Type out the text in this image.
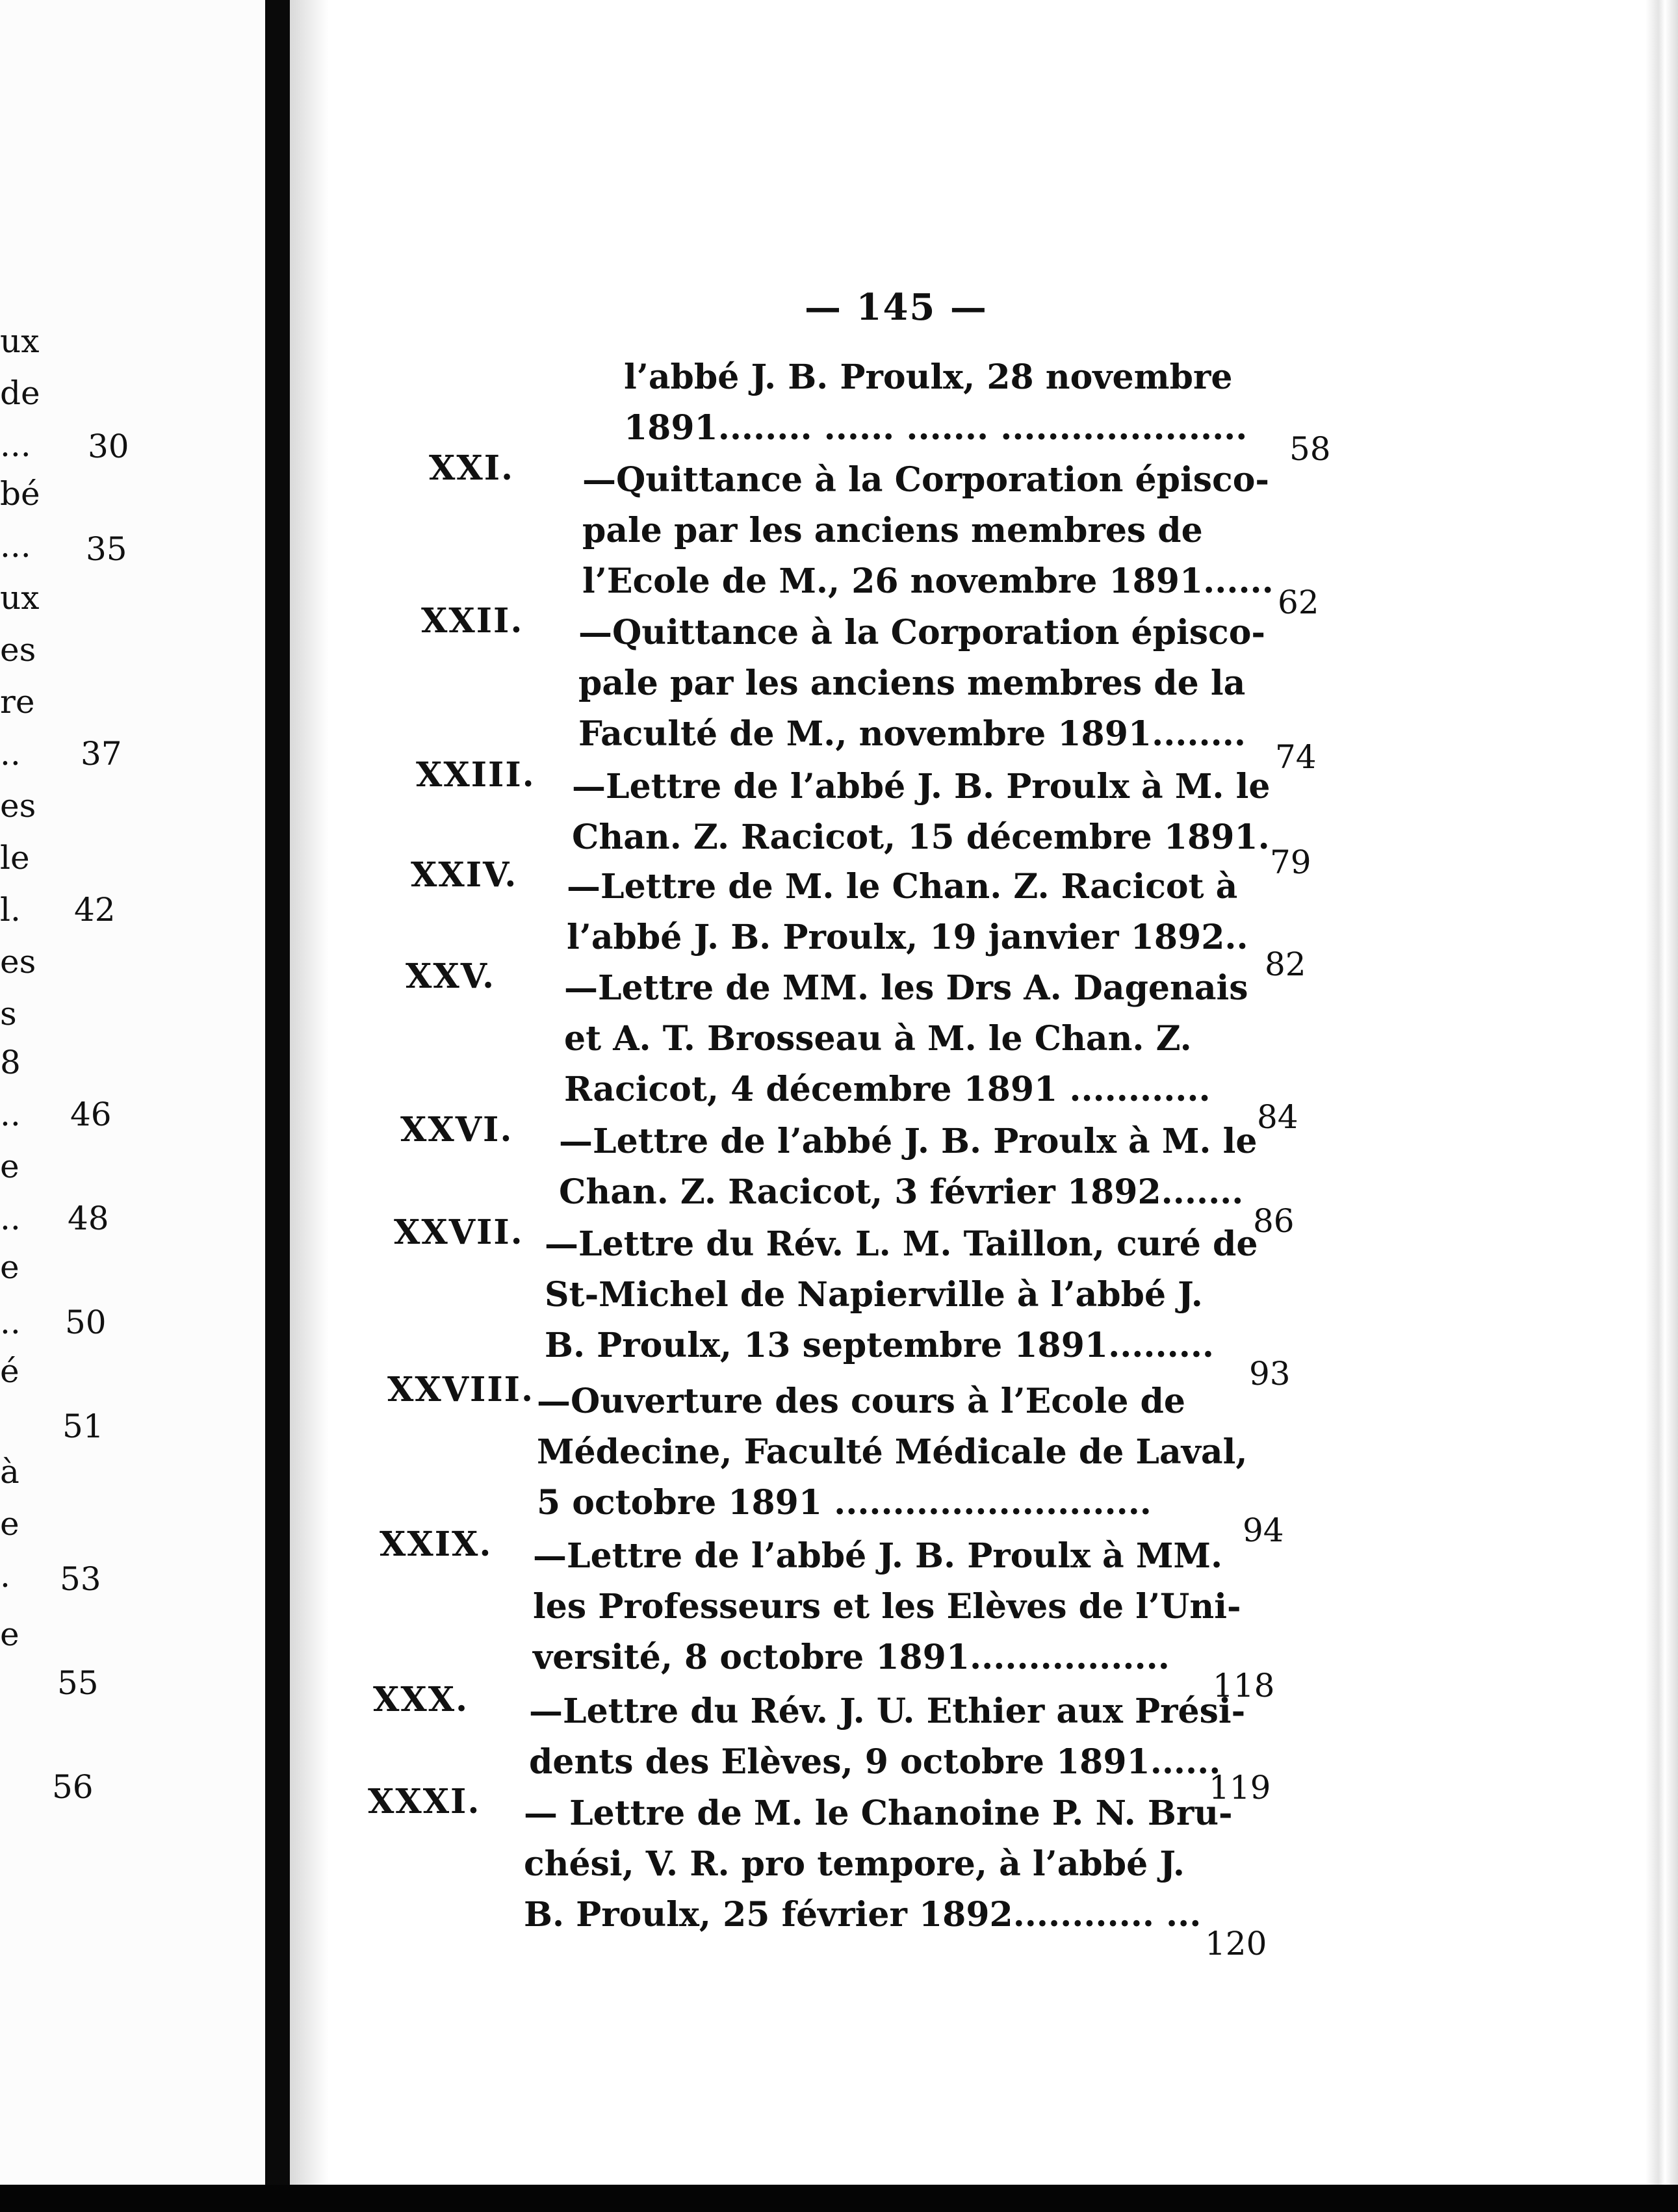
ux
de
...
bé
...
ux
es
re
..
es
le
l.
es
s
8
..
e
..
e
..
é
à
e
.
e
30
35
37
42
46
48
50
51
53
55
56
— 145 —
l’abbé J. B. Proulx, 28 novembre
1891........ ...... ....... .....................
58
XXI. —Quittance à la Corporation épisco-
pale par les anciens membres de
l’Ecole de M., 26 novembre 1891......
62
XXII. —Quittance à la Corporation épisco-
pale par les anciens membres de la
Faculté de M., novembre 1891........
74
XXIII. —Lettre de l’abbé J. B. Proulx à M. le
Chan. Z. Racicot, 15 décembre 1891.
79
XXIV. —Lettre de M. le Chan. Z. Racicot à
l’abbé J. B. Proulx, 19 janvier 1892..
82
XXV. —Lettre de MM. les Drs A. Dagenais
et A. T. Brosseau à M. le Chan. Z.
Racicot, 4 décembre 1891 ............
84
XXVI. —Lettre de l’abbé J. B. Proulx à M. le
Chan. Z. Racicot, 3 février 1892.......
86
XXVII. —Lettre du Rév. L. M. Taillon, curé de
St-Michel de Napierville à l’abbé J.
B. Proulx, 13 septembre 1891.........
93
XXVIII. —Ouverture des cours à l’Ecole de
Médecine, Faculté Médicale de Laval,
5 octobre 1891 ...........................
94
XXIX. —Lettre de l’abbé J. B. Proulx à MM.
les Professeurs et les Elèves de l’Uni-
versité, 8 octobre 1891.................
118
XXX. —Lettre du Rév. J. U. Ethier aux Prési-
dents des Elèves, 9 octobre 1891......
119
XXXI. — Lettre de M. le Chanoine P. N. Bru-
chési, V. R. pro tempore, à l’abbé J.
B. Proulx, 25 février 1892............ ...
120
